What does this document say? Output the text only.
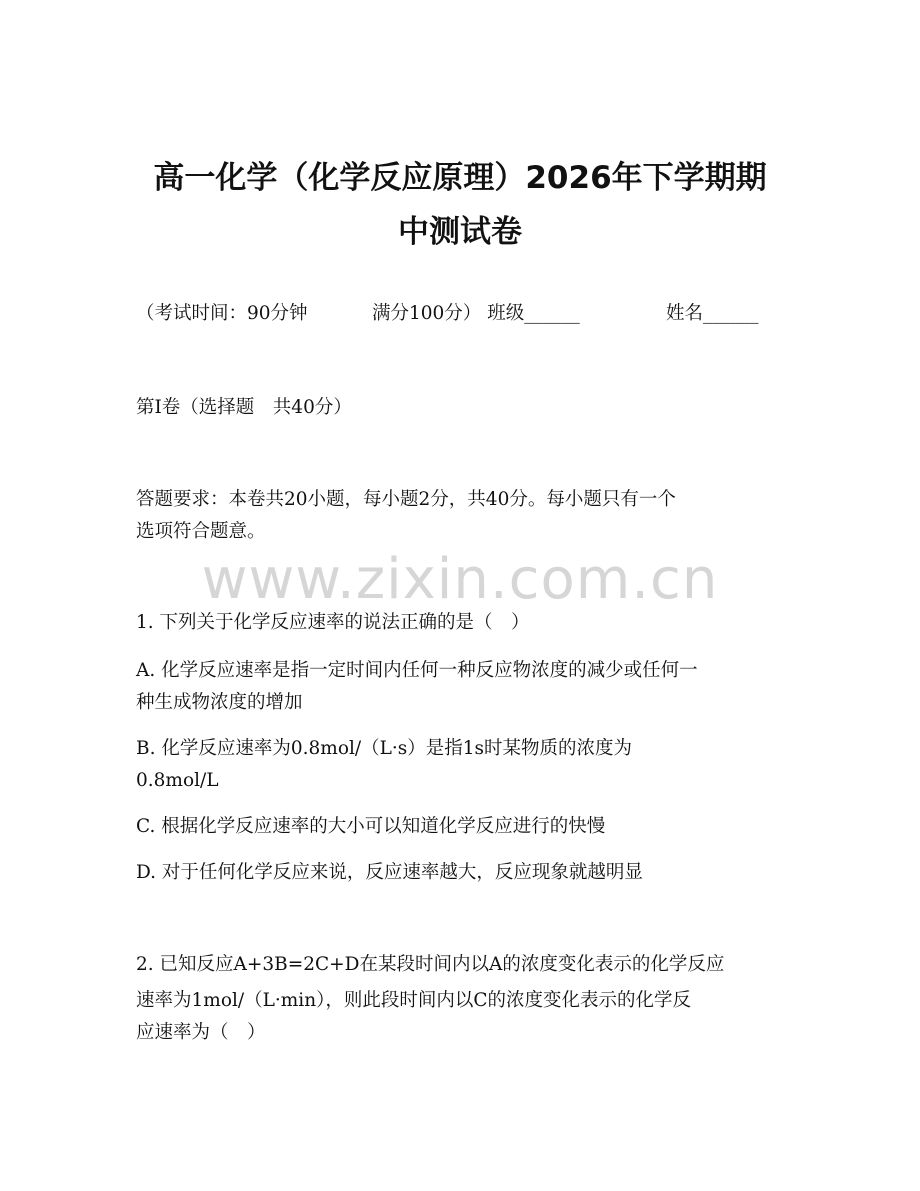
高一化学（化学反应原理）2026年下学期期
中测试卷

（考试时间：90分钟	满分100分） 班级______	姓名______

第Ⅰ卷（选择题　共40分）

答题要求：本卷共20小题，每小题2分，共40分。每小题只有一个

选项符合题意。

www.zixin.com.cn

1. 下列关于化学反应速率的说法正确的是（　）

A. 化学反应速率是指一定时间内任何一种反应物浓度的减少或任何一

种生成物浓度的增加

B. 化学反应速率为0.8mol/（L·s）是指1s时某物质的浓度为

0.8mol/L

C. 根据化学反应速率的大小可以知道化学反应进行的快慢

D. 对于任何化学反应来说，反应速率越大，反应现象就越明显

2. 已知反应A+3B=2C+D在某段时间内以A的浓度变化表示的化学反应

速率为1mol/（L·min），则此段时间内以C的浓度变化表示的化学反

应速率为（　）
